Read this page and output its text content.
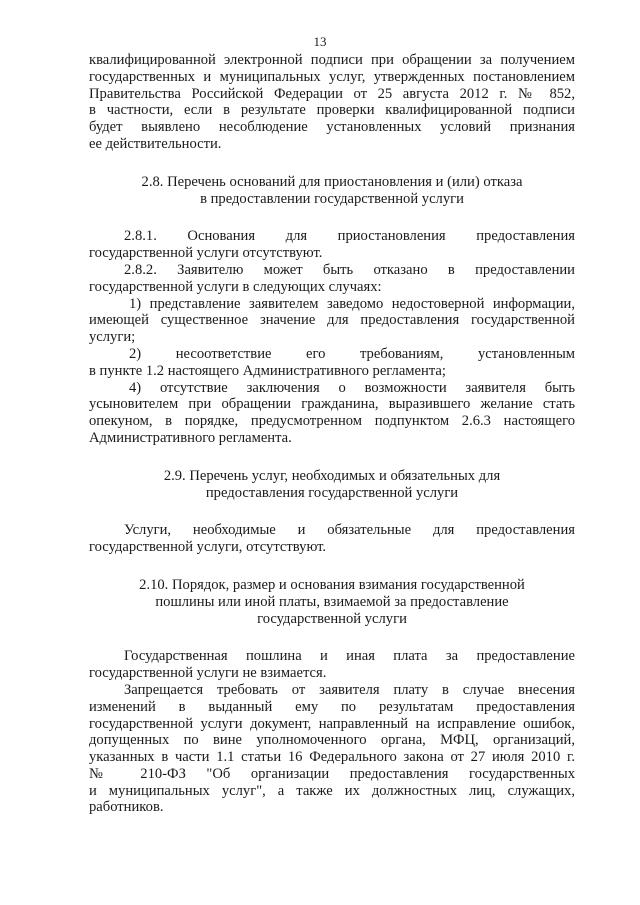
13

квалифицированной электронной подписи при обращении за получением

государственных и муниципальных услуг, утвержденных постановлением

Правительства Российской Федерации от 25 августа 2012 г. № 852,

в частности, если в результате проверки квалифицированной подписи

будет выявлено несоблюдение установленных условий признания

ее действительности.

2.8. Перечень оснований для приостановления и (или) отказа

в предоставлении государственной услуги

2.8.1. Основания для приостановления предоставления

государственной услуги отсутствуют.

2.8.2. Заявителю может быть отказано в предоставлении

государственной услуги в следующих случаях:

1) представление заявителем заведомо недостоверной информации,

имеющей существенное значение для предоставления государственной

услуги;

2) несоответствие его требованиям, установленным

в пункте 1.2 настоящего Административного регламента;

4) отсутствие заключения о возможности заявителя быть

усыновителем при обращении гражданина, выразившего желание стать

опекуном, в порядке, предусмотренном подпунктом 2.6.3 настоящего

Административного регламента.

2.9. Перечень услуг, необходимых и обязательных для

предоставления государственной услуги

Услуги, необходимые и обязательные для предоставления

государственной услуги, отсутствуют.

2.10. Порядок, размер и основания взимания государственной

пошлины или иной платы, взимаемой за предоставление

государственной услуги

Государственная пошлина и иная плата за предоставление

государственной услуги не взимается.

Запрещается требовать от заявителя плату в случае внесения

изменений в выданный ему по результатам предоставления

государственной услуги документ, направленный на исправление ошибок,

допущенных по вине уполномоченного органа, МФЦ, организаций,

указанных в части 1.1 статьи 16 Федерального закона от 27 июля 2010 г.

№ 210-ФЗ "Об организации предоставления государственных

и муниципальных услуг", а также их должностных лиц, служащих,

работников.
